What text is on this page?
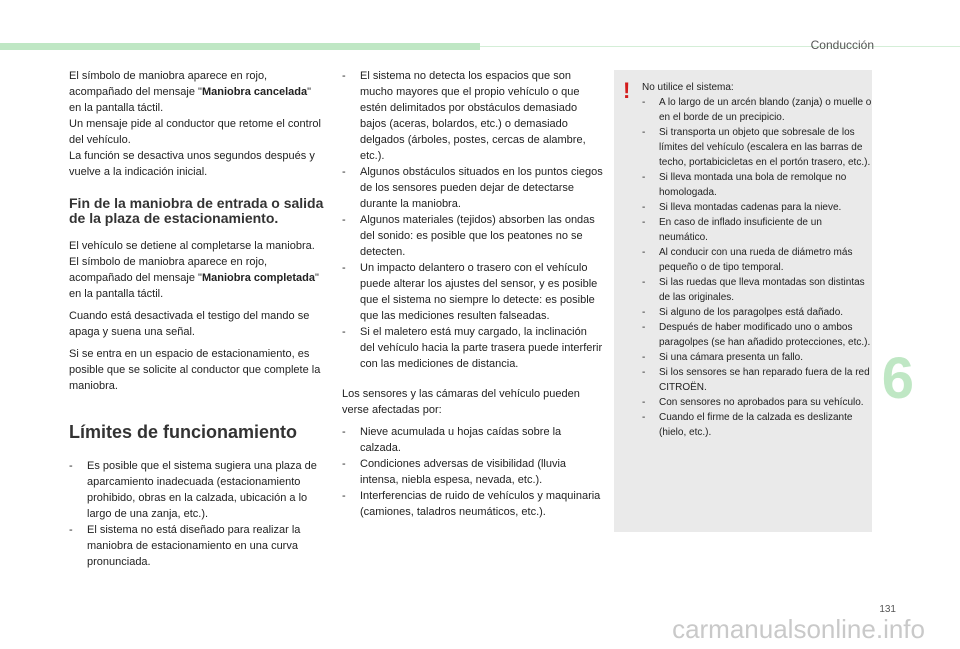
Conducción

El símbolo de maniobra aparece en rojo, acompañado del mensaje "Maniobra cancelada" en la pantalla táctil.
Un mensaje pide al conductor que retome el control del vehículo.
La función se desactiva unos segundos después y vuelve a la indicación inicial.

Fin de la maniobra de entrada o salida de la plaza de estacionamiento.

El vehículo se detiene al completarse la maniobra.
El símbolo de maniobra aparece en rojo, acompañado del mensaje "Maniobra completada" en la pantalla táctil.

Cuando está desactivada el testigo del mando se apaga y suena una señal.

Si se entra en un espacio de estacionamiento, es posible que se solicite al conductor que complete la maniobra.

Límites de funcionamiento
- Es posible que el sistema sugiera una plaza de aparcamiento inadecuada (estacionamiento prohibido, obras en la calzada, ubicación a lo largo de una zanja, etc.).
- El sistema no está diseñado para realizar la maniobra de estacionamiento en una curva pronunciada.
- El sistema no detecta los espacios que son mucho mayores que el propio vehículo o que estén delimitados por obstáculos demasiado bajos (aceras, bolardos, etc.) o demasiado delgados (árboles, postes, cercas de alambre, etc.).
- Algunos obstáculos situados en los puntos ciegos de los sensores pueden dejar de detectarse durante la maniobra.
- Algunos materiales (tejidos) absorben las ondas del sonido: es posible que los peatones no se detecten.
- Un impacto delantero o trasero con el vehículo puede alterar los ajustes del sensor, y es posible que el sistema no siempre lo detecte: es posible que las mediciones resulten falseadas.
- Si el maletero está muy cargado, la inclinación del vehículo hacia la parte trasera puede interferir con las mediciones de distancia.

Los sensores y las cámaras del vehículo pueden verse afectadas por:

- Nieve acumulada u hojas caídas sobre la calzada.
- Condiciones adversas de visibilidad (lluvia intensa, niebla espesa, nevada, etc.).
- Interferencias de ruido de vehículos y maquinaria (camiones, taladros neumáticos, etc.).
! No utilice el sistema:

- A lo largo de un arcén blando (zanja) o muelle o en el borde de un precipicio.
- Si transporta un objeto que sobresale de los límites del vehículo (escalera en las barras de techo, portabicicletas en el portón trasero, etc.).
- Si lleva montada una bola de remolque no homologada.
- Si lleva montadas cadenas para la nieve.
- En caso de inflado insuficiente de un neumático.
- Al conducir con una rueda de diámetro más pequeño o de tipo temporal.
- Si las ruedas que lleva montadas son distintas de las originales.
- Si alguno de los paragolpes está dañado.
- Después de haber modificado uno o ambos paragolpes (se han añadido protecciones, etc.).
- Si una cámara presenta un fallo.
- Si los sensores se han reparado fuera de la red CITROËN.
- Con sensores no aprobados para su vehículo.
- Cuando el firme de la calzada es deslizante (hielo, etc.).
6
131
carmanualsonline.info
